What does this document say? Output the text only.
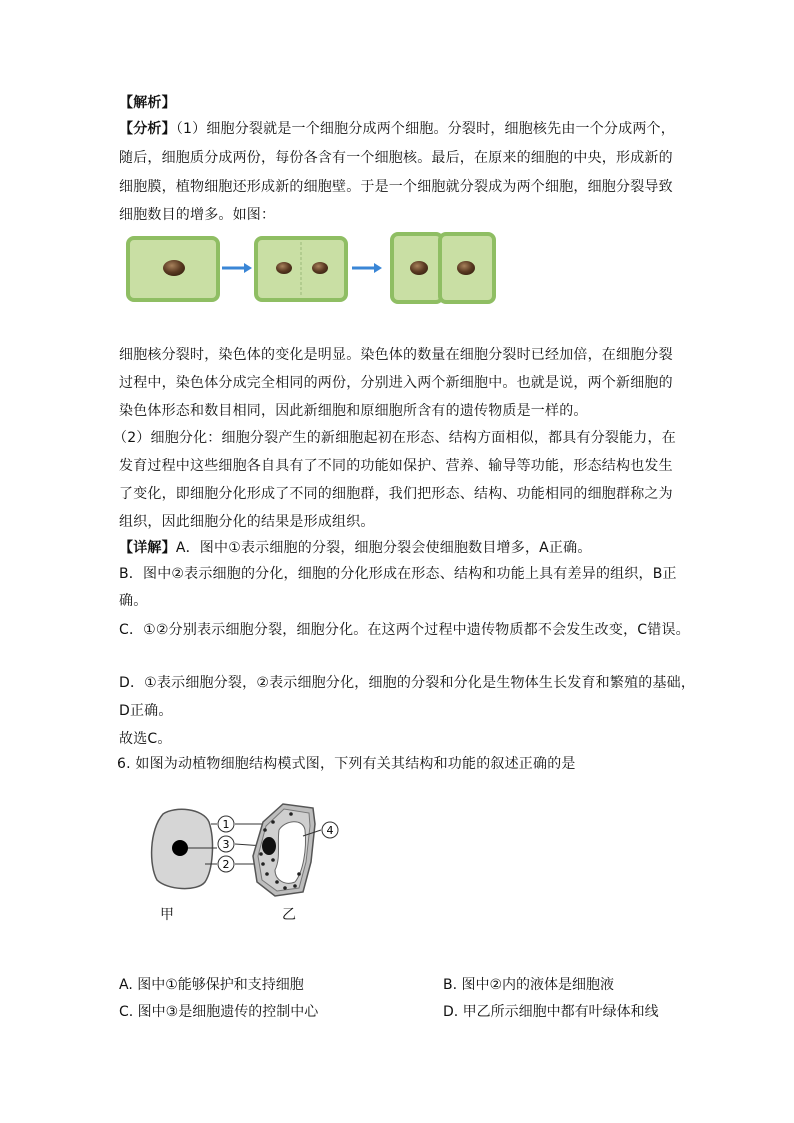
【解析】
【分析】（1）细胞分裂就是一个细胞分成两个细胞。分裂时，细胞核先由一个分成两个，
随后，细胞质分成两份，每份各含有一个细胞核。最后，在原来的细胞的中央，形成新的
细胞膜，植物细胞还形成新的细胞壁。于是一个细胞就分裂成为两个细胞，细胞分裂导致
细胞数目的增多。如图：
细胞核分裂时，染色体的变化是明显。染色体的数量在细胞分裂时已经加倍，在细胞分裂
过程中，染色体分成完全相同的两份，分别进入两个新细胞中。也就是说，两个新细胞的
染色体形态和数目相同，因此新细胞和原细胞所含有的遗传物质是一样的。
（2）细胞分化：细胞分裂产生的新细胞起初在形态、结构方面相似，都具有分裂能力，在
发育过程中这些细胞各自具有了不同的功能如保护、营养、输导等功能，形态结构也发生
了变化，即细胞分化形成了不同的细胞群，我们把形态、结构、功能相同的细胞群称之为
组织，因此细胞分化的结果是形成组织。
【详解】A．图中①表示细胞的分裂，细胞分裂会使细胞数目增多，A正确。
B．图中②表示细胞的分化，细胞的分化形成在形态、结构和功能上具有差异的组织，B正
确。
C．①②分别表示细胞分裂，细胞分化。在这两个过程中遗传物质都不会发生改变，C错误。
D．①表示细胞分裂，②表示细胞分化，细胞的分裂和分化是生物体生长发育和繁殖的基础，
D正确。
故选C。
6. 如图为动植物细胞结构模式图，下列有关其结构和功能的叙述正确的是
1
3
2
4
甲	乙
A. 图中①能够保护和支持细胞	B. 图中②内的液体是细胞液
C. 图中③是细胞遗传的控制中心	D. 甲乙所示细胞中都有叶绿体和线
